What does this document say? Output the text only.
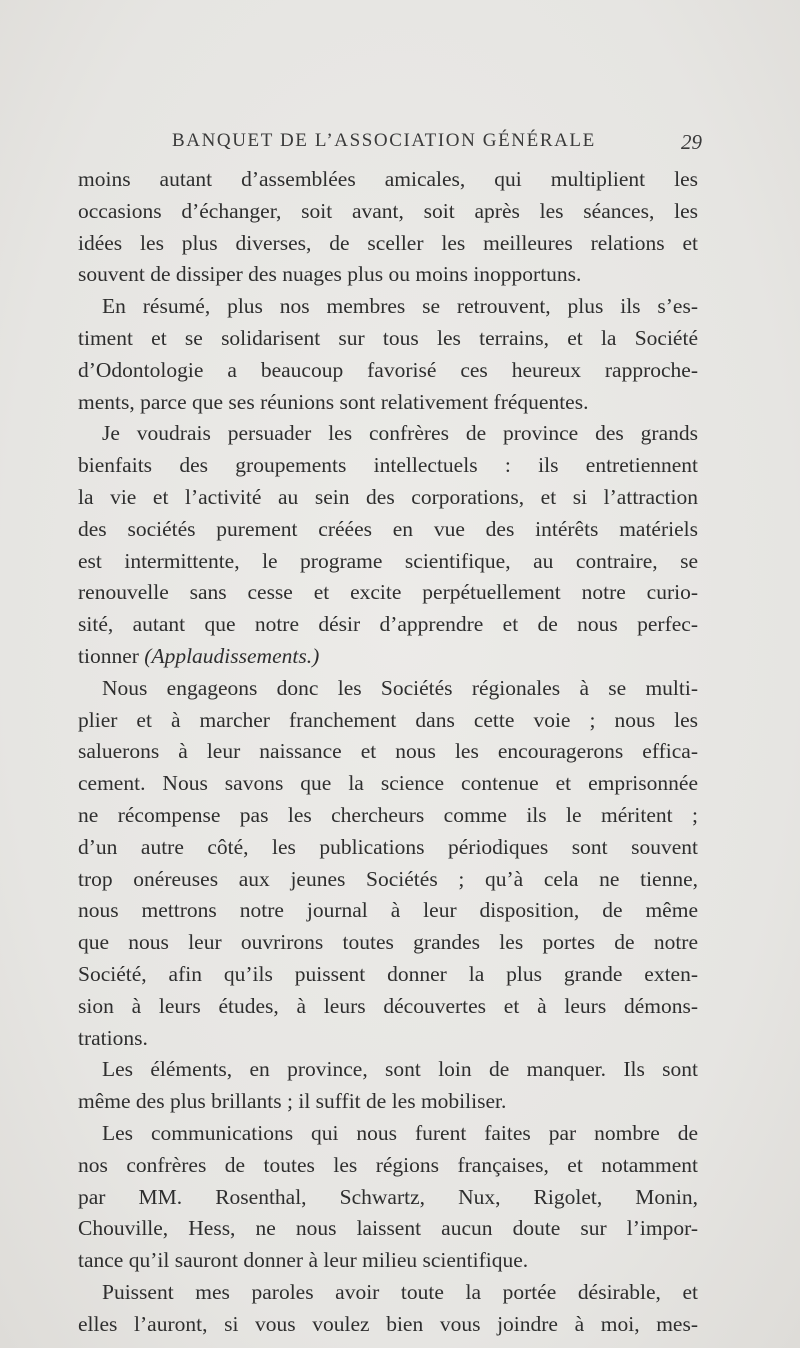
BANQUET DE L’ASSOCIATION GÉNÉRALE	29
moins autant d’assemblées amicales, qui multiplient les
occasions d’échanger, soit avant, soit après les séances, les
idées les plus diverses, de sceller les meilleures relations et
souvent de dissiper des nuages plus ou moins inopportuns.
En résumé, plus nos membres se retrouvent, plus ils s’es-
timent et se solidarisent sur tous les terrains, et la Société
d’Odontologie a beaucoup favorisé ces heureux rapproche-
ments, parce que ses réunions sont relativement fréquentes.
Je voudrais persuader les confrères de province des grands
bienfaits des groupements intellectuels : ils entretiennent
la vie et l’activité au sein des corporations, et si l’attraction
des sociétés purement créées en vue des intérêts matériels
est intermittente, le programe scientifique, au contraire, se
renouvelle sans cesse et excite perpétuellement notre curio-
sité, autant que notre désir d’apprendre et de nous perfec-
tionner (Applaudissements.)
Nous engageons donc les Sociétés régionales à se multi-
plier et à marcher franchement dans cette voie ; nous les
saluerons à leur naissance et nous les encouragerons effica-
cement. Nous savons que la science contenue et emprisonnée
ne récompense pas les chercheurs comme ils le méritent ;
d’un autre côté, les publications périodiques sont souvent
trop onéreuses aux jeunes Sociétés ; qu’à cela ne tienne,
nous mettrons notre journal à leur disposition, de même
que nous leur ouvrirons toutes grandes les portes de notre
Société, afin qu’ils puissent donner la plus grande exten-
sion à leurs études, à leurs découvertes et à leurs démons-
trations.
Les éléments, en province, sont loin de manquer. Ils sont
même des plus brillants ; il suffit de les mobiliser.
Les communications qui nous furent faites par nombre de
nos confrères de toutes les régions françaises, et notamment
par MM. Rosenthal, Schwartz, Nux, Rigolet, Monin,
Chouville, Hess, ne nous laissent aucun doute sur l’impor-
tance qu’il sauront donner à leur milieu scientifique.
Puissent mes paroles avoir toute la portée désirable, et
elles l’auront, si vous voulez bien vous joindre à moi, mes-
